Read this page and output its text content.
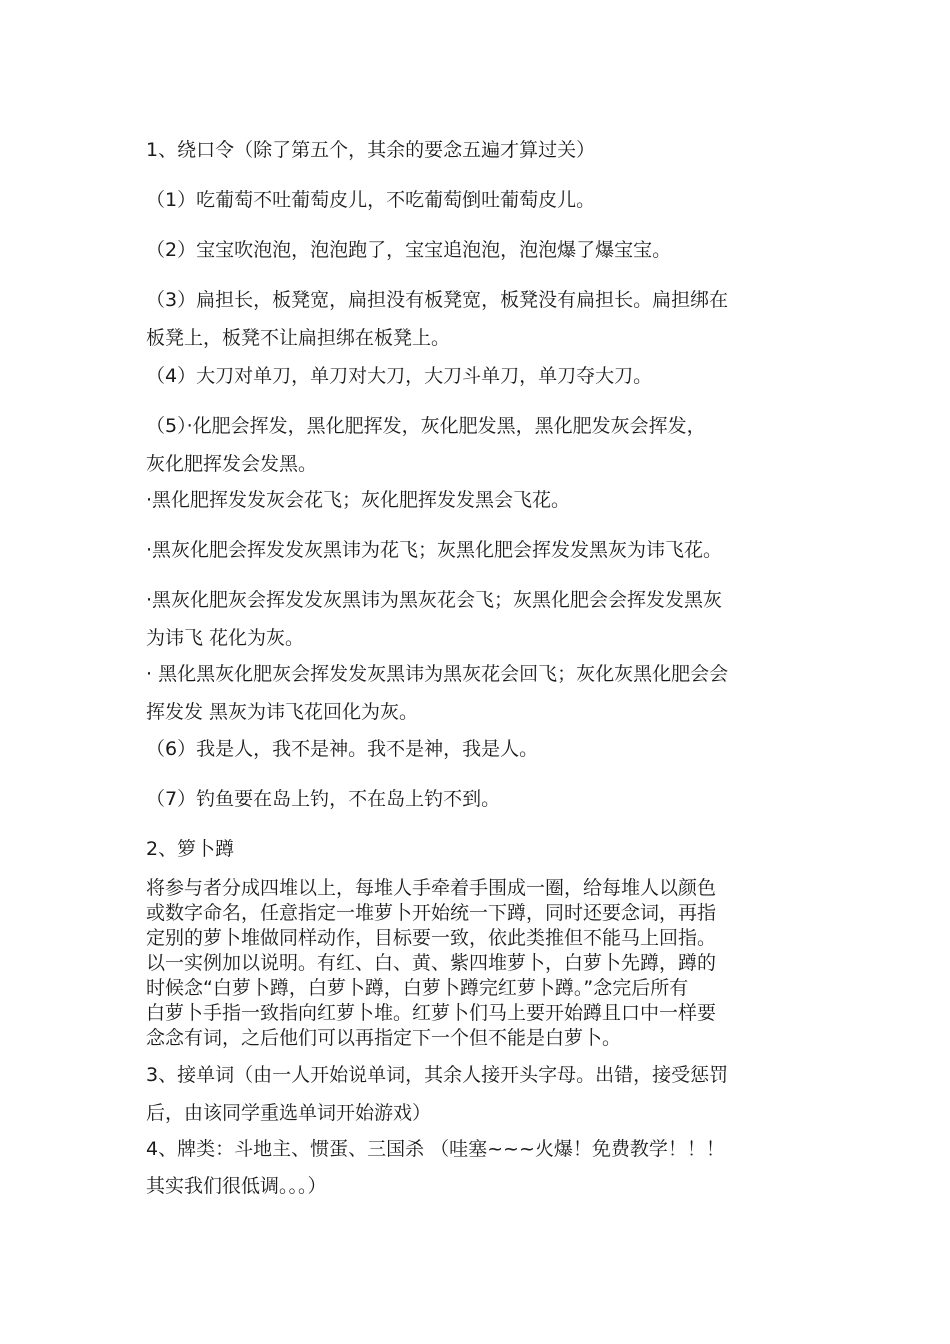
1、绕口令（除了第五个，其余的要念五遍才算过关）

（1）吃葡萄不吐葡萄皮儿，不吃葡萄倒吐葡萄皮儿。

（2）宝宝吹泡泡，泡泡跑了，宝宝追泡泡，泡泡爆了爆宝宝。

（3）扁担长，板凳宽，扁担没有板凳宽，板凳没有扁担长。扁担绑在

板凳上，板凳不让扁担绑在板凳上。

（4）大刀对单刀，单刀对大刀，大刀斗单刀，单刀夺大刀。

（5）·化肥会挥发，黑化肥挥发，灰化肥发黑，黑化肥发灰会挥发，

灰化肥挥发会发黑。

·黑化肥挥发发灰会花飞；灰化肥挥发发黑会飞花。

·黑灰化肥会挥发发灰黑讳为花飞；灰黑化肥会挥发发黑灰为讳飞花。

·黑灰化肥灰会挥发发灰黑讳为黑灰花会飞；灰黑化肥会会挥发发黑灰

为讳飞 花化为灰。

· 黑化黑灰化肥灰会挥发发灰黑讳为黑灰花会回飞；灰化灰黑化肥会会

挥发发 黑灰为讳飞花回化为灰。

（6）我是人，我不是神。我不是神，我是人。

（7）钓鱼要在岛上钓，不在岛上钓不到。

2、箩卜蹲

将参与者分成四堆以上，每堆人手牵着手围成一圈，给每堆人以颜色

或数字命名，任意指定一堆萝卜开始统一下蹲，同时还要念词，再指

定别的萝卜堆做同样动作，目标要一致，依此类推但不能马上回指。

以一实例加以说明。有红、白、黄、紫四堆萝卜，白萝卜先蹲，蹲的

时候念“白萝卜蹲，白萝卜蹲，白萝卜蹲完红萝卜蹲。”念完后所有

白萝卜手指一致指向红萝卜堆。红萝卜们马上要开始蹲且口中一样要

念念有词，之后他们可以再指定下一个但不能是白萝卜。

3、接单词（由一人开始说单词，其余人接开头字母。出错，接受惩罚

后，由该同学重选单词开始游戏）

4、牌类：斗地主、惯蛋、三国杀 （哇塞~~~火爆！免费教学！！！

其实我们很低调。。。）
